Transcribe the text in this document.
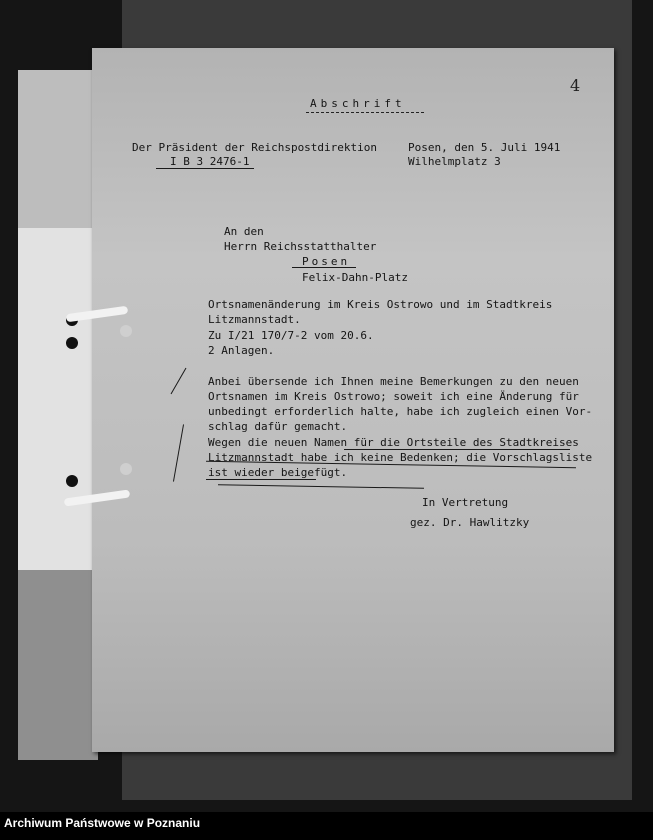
4
Abschrift
Der Präsident der Reichspostdirektion
I B 3 2476-1
Posen, den 5. Juli 1941
Wilhelmplatz 3
An den
Herrn Reichsstatthalter
Posen
Felix-Dahn-Platz
Ortsnamenänderung im Kreis Ostrowo und im Stadtkreis
Litzmannstadt.
Zu I/21 170/7-2 vom 20.6.
2 Anlagen.
Anbei übersende ich Ihnen meine Bemerkungen zu den neuen
Ortsnamen im Kreis Ostrowo; soweit ich eine Änderung für
unbedingt erforderlich halte, habe ich zugleich einen Vor-
schlag dafür gemacht.
Wegen die neuen Namen für die Ortsteile des Stadtkreises
Litzmannstadt habe ich keine Bedenken; die Vorschlagsliste
ist wieder beigefügt.
In Vertretung
gez. Dr. Hawlitzky
Archiwum Państwowe w Poznaniu
